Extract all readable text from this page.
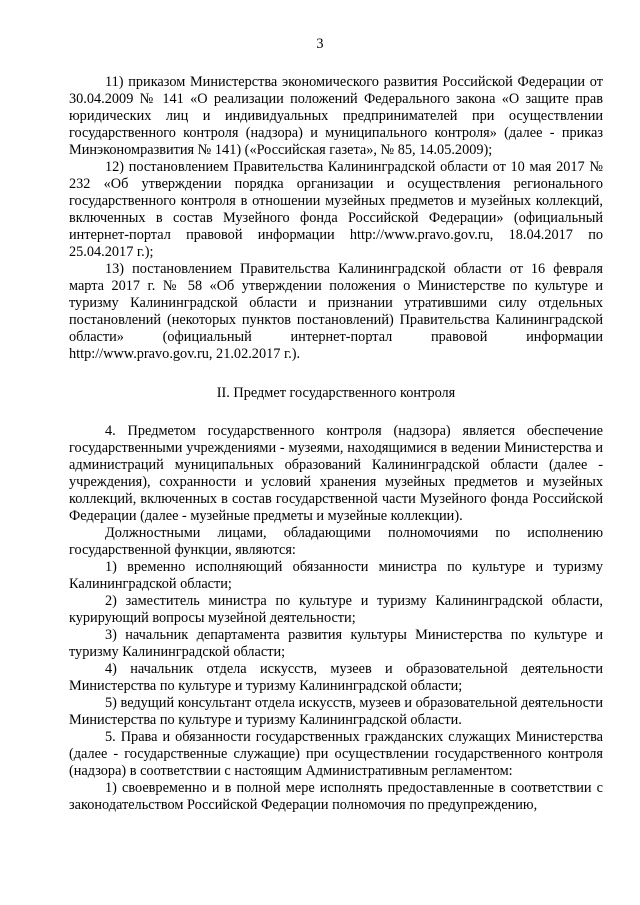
3

11) приказом Министерства экономического развития Российской Федерации от 30.04.2009 № 141 «О реализации положений Федерального закона «О защите прав юридических лиц и индивидуальных предпринимателей при осуществлении государственного контроля (надзора) и муниципального контроля» (далее - приказ Минэкономразвития № 141) («Российская газета», № 85, 14.05.2009);

12) постановлением Правительства Калининградской области от 10 мая 2017 № 232 «Об утверждении порядка организации и осуществления регионального государственного контроля в отношении музейных предметов и музейных коллекций, включенных в состав Музейного фонда Российской Федерации» (официальный интернет-портал правовой информации http://www.pravo.gov.ru, 18.04.2017 по 25.04.2017 г.);

13) постановлением Правительства Калининградской области от 16 февраля марта 2017 г. № 58 «Об утверждении положения о Министерстве по культуре и туризму Калининградской области и признании утратившими силу отдельных постановлений (некоторых пунктов постановлений) Правительства Калининградской области» (официальный интернет-портал правовой информации http://www.pravo.gov.ru, 21.02.2017 г.).

II. Предмет государственного контроля

4. Предметом государственного контроля (надзора) является обеспечение государственными учреждениями - музеями, находящимися в ведении Министерства и администраций муниципальных образований Калининградской области (далее - учреждения), сохранности и условий хранения музейных предметов и музейных коллекций, включенных в состав государственной части Музейного фонда Российской Федерации (далее - музейные предметы и музейные коллекции).

Должностными лицами, обладающими полномочиями по исполнению государственной функции, являются:

1) временно исполняющий обязанности министра по культуре и туризму Калининградской области;

2) заместитель министра по культуре и туризму Калининградской области, курирующий вопросы музейной деятельности;

3) начальник департамента развития культуры Министерства по культуре и туризму Калининградской области;

4) начальник отдела искусств, музеев и образовательной деятельности Министерства по культуре и туризму Калининградской области;

5) ведущий консультант отдела искусств, музеев и образовательной деятельности Министерства по культуре и туризму Калининградской области.

5. Права и обязанности государственных гражданских служащих Министерства (далее - государственные служащие) при осуществлении государственного контроля (надзора) в соответствии с настоящим Административным регламентом:

1) своевременно и в полной мере исполнять предоставленные в соответствии с законодательством Российской Федерации полномочия по предупреждению,
